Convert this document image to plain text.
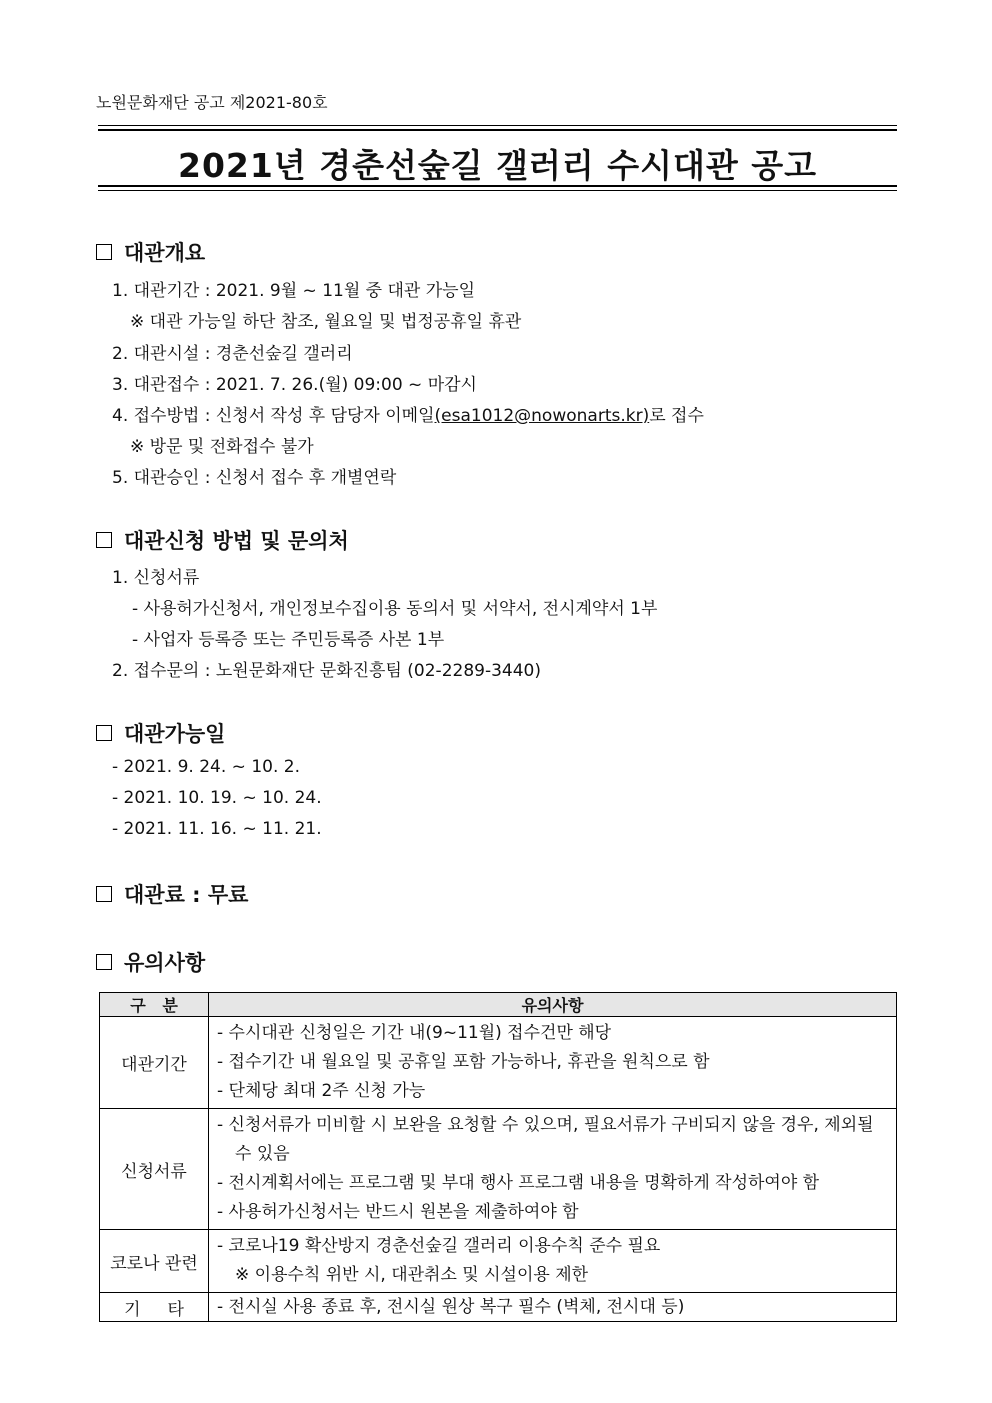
노원문화재단 공고 제2021-80호
2021년 경춘선숲길 갤러리 수시대관 공고
대관개요
1. 대관기간 : 2021. 9월 ~ 11월 중 대관 가능일
※ 대관 가능일 하단 참조, 월요일 및 법정공휴일 휴관
2. 대관시설 : 경춘선숲길 갤러리
3. 대관접수 : 2021. 7. 26.(월) 09:00 ~ 마감시
4. 접수방법 : 신청서 작성 후 담당자 이메일(esa1012@nowonarts.kr)로 접수
※ 방문 및 전화접수 불가
5. 대관승인 : 신청서 접수 후 개별연락
대관신청 방법 및 문의처
1. 신청서류
- 사용허가신청서, 개인정보수집이용 동의서 및 서약서, 전시계약서 1부
- 사업자 등록증 또는 주민등록증 사본 1부
2. 접수문의 : 노원문화재단 문화진흥팀 (02-2289-3440)
대관가능일
- 2021. 9. 24. ~ 10. 2.
- 2021. 10. 19. ~ 10. 24.
- 2021. 11. 16. ~ 11. 21.
대관료 : 무료
유의사항
구   분	유의사항
대관기간	- 수시대관 신청일은 기간 내(9~11월) 접수건만 해당
- 접수기간 내 월요일 및 공휴일 포함 가능하나, 휴관을 원칙으로 함
- 단체당 최대 2주 신청 가능

신청서류	- 신청서류가 미비할 시 보완을 요청할 수 있으며, 필요서류가 구비되지 않을 경우, 제외될 수 있음
- 전시계획서에는 프로그램 및 부대 행사 프로그램 내용을 명확하게 작성하여야 함
- 사용허가신청서는 반드시 원본을 제출하여야 함

코로나 관련	- 코로나19 확산방지 경춘선숲길 갤러리 이용수칙 준수 필요
※ 이용수칙 위반 시, 대관취소 및 시설이용 제한

기     타	- 전시실 사용 종료 후, 전시실 원상 복구 필수 (벽체, 전시대 등)
